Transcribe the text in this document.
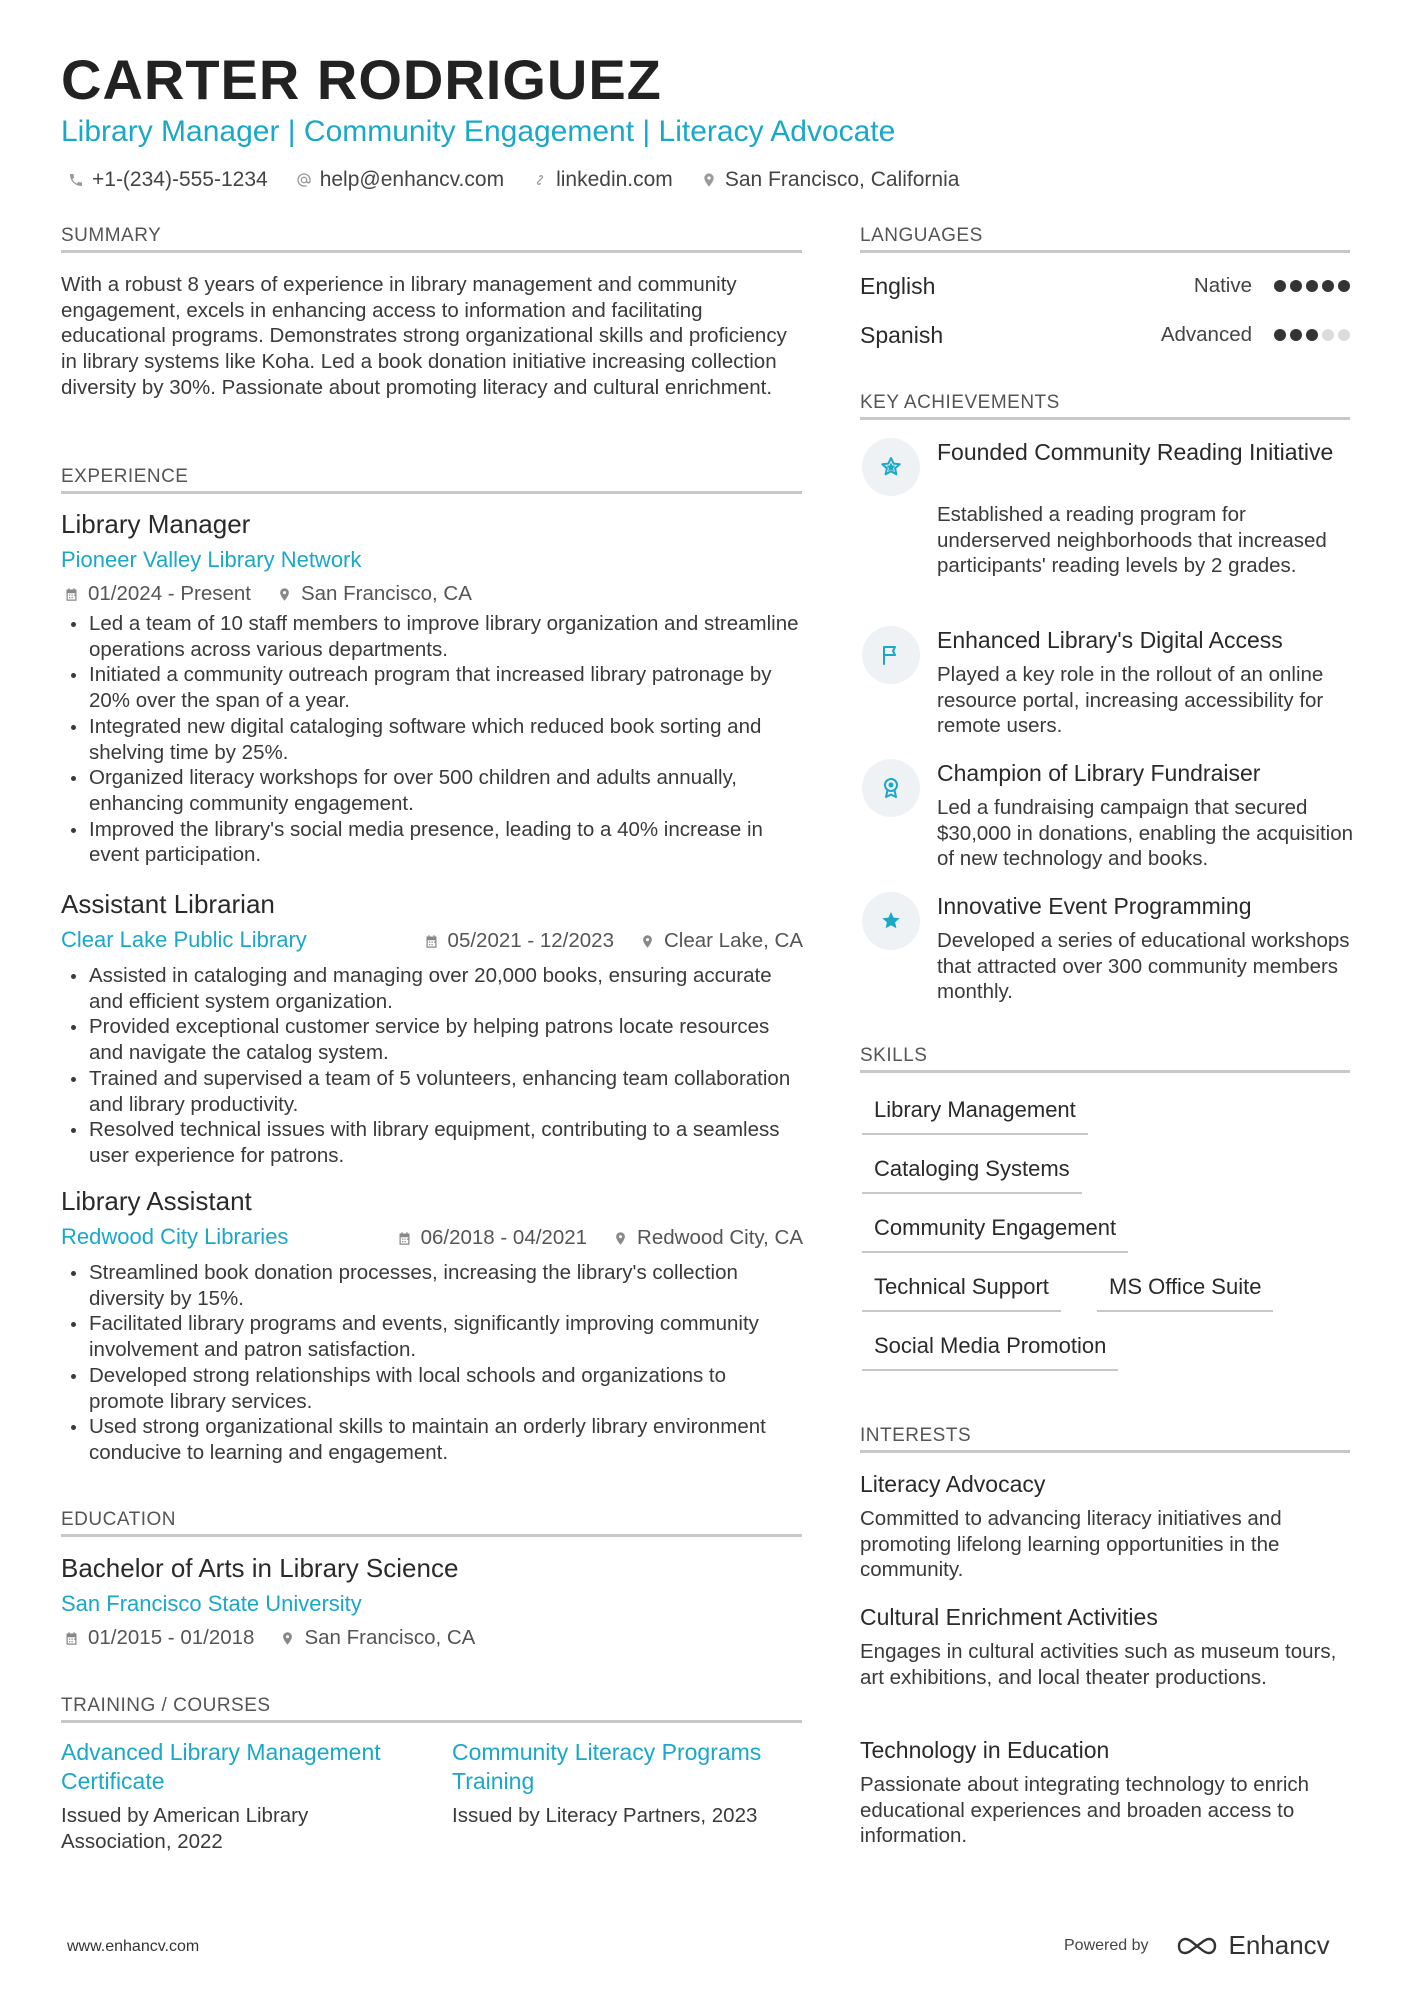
CARTER RODRIGUEZ
Library Manager | Community Engagement | Literacy Advocate
+1-(234)-555-1234 help@enhancv.com linkedin.com San Francisco, California
SUMMARY
With a robust 8 years of experience in library management and community engagement, excels in enhancing access to information and facilitating educational programs. Demonstrates strong organizational skills and proficiency in library systems like Koha. Led a book donation initiative increasing collection diversity by 30%. Passionate about promoting literacy and cultural enrichment.
EXPERIENCE
Library Manager
Pioneer Valley Library Network
01/2024 - Present San Francisco, CA
Led a team of 10 staff members to improve library organization and streamline operations across various departments.
Initiated a community outreach program that increased library patronage by 20% over the span of a year.
Integrated new digital cataloging software which reduced book sorting and shelving time by 25%.
Organized literacy workshops for over 500 children and adults annually, enhancing community engagement.
Improved the library's social media presence, leading to a 40% increase in event participation.
Assistant Librarian
Clear Lake Public Library	05/2021 - 12/2023 Clear Lake, CA
Assisted in cataloging and managing over 20,000 books, ensuring accurate and efficient system organization.
Provided exceptional customer service by helping patrons locate resources and navigate the catalog system.
Trained and supervised a team of 5 volunteers, enhancing team collaboration and library productivity.
Resolved technical issues with library equipment, contributing to a seamless user experience for patrons.
Library Assistant
Redwood City Libraries	06/2018 - 04/2021 Redwood City, CA
Streamlined book donation processes, increasing the library's collection diversity by 15%.
Facilitated library programs and events, significantly improving community involvement and patron satisfaction.
Developed strong relationships with local schools and organizations to promote library services.
Used strong organizational skills to maintain an orderly library environment conducive to learning and engagement.
EDUCATION
Bachelor of Arts in Library Science
San Francisco State University
01/2015 - 01/2018 San Francisco, CA
TRAINING / COURSES
Advanced Library Management Certificate
Issued by American Library Association, 2022
Community Literacy Programs Training
Issued by Literacy Partners, 2023
LANGUAGES
English	Native
Spanish	Advanced
KEY ACHIEVEMENTS
Founded Community Reading Initiative
Established a reading program for underserved neighborhoods that increased participants' reading levels by 2 grades.
Enhanced Library's Digital Access
Played a key role in the rollout of an online resource portal, increasing accessibility for remote users.
Champion of Library Fundraiser
Led a fundraising campaign that secured $30,000 in donations, enabling the acquisition of new technology and books.
Innovative Event Programming
Developed a series of educational workshops that attracted over 300 community members monthly.
SKILLS
Library Management
Cataloging Systems
Community Engagement
Technical Support	MS Office Suite
Social Media Promotion
INTERESTS
Literacy Advocacy
Committed to advancing literacy initiatives and promoting lifelong learning opportunities in the community.
Cultural Enrichment Activities
Engages in cultural activities such as museum tours, art exhibitions, and local theater productions.
Technology in Education
Passionate about integrating technology to enrich educational experiences and broaden access to information.
www.enhancv.com	Powered by	Enhancv
